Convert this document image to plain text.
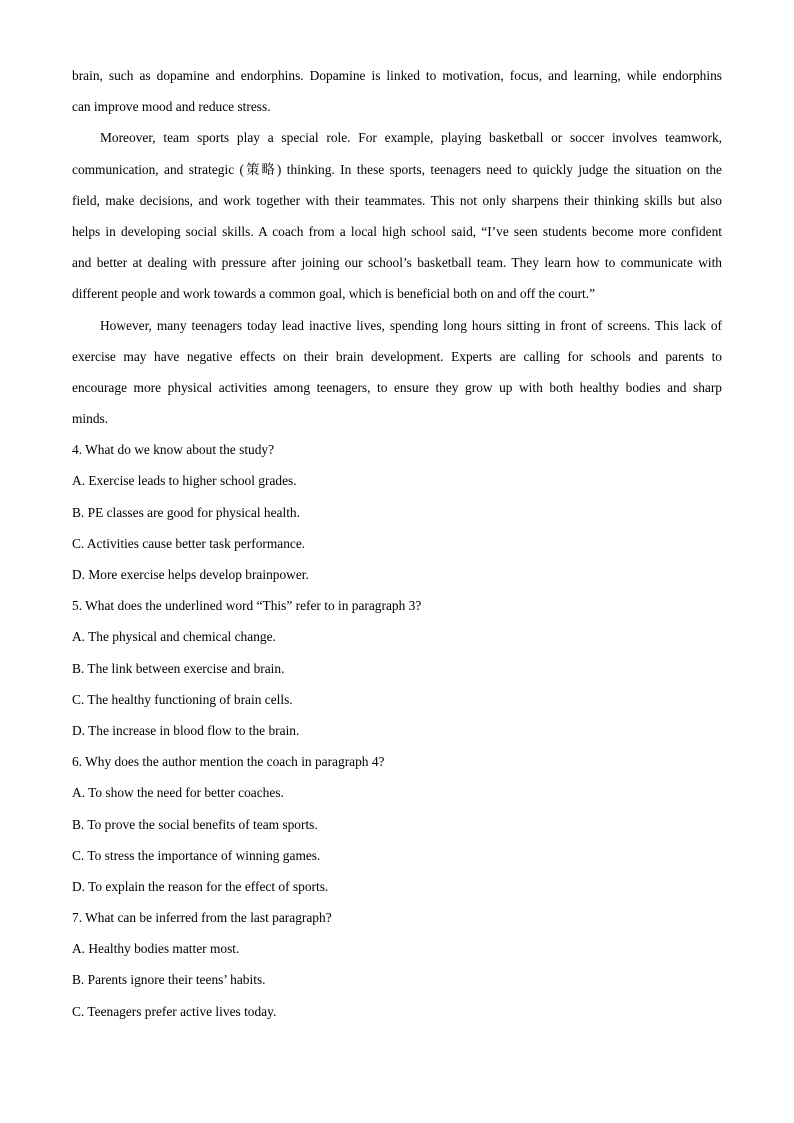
brain, such as dopamine and endorphins. Dopamine is linked to motivation, focus, and learning, while endorphins
can improve mood and reduce stress.
Moreover, team sports play a special role. For example, playing basketball or soccer involves teamwork,
communication, and strategic (策略) thinking. In these sports, teenagers need to quickly judge the situation on the
field, make decisions, and work together with their teammates. This not only sharpens their thinking skills but also
helps in developing social skills. A coach from a local high school said, “I’ve seen students become more confident
and better at dealing with pressure after joining our school’s basketball team. They learn how to communicate with
different people and work towards a common goal, which is beneficial both on and off the court.”
However, many teenagers today lead inactive lives, spending long hours sitting in front of screens. This lack of
exercise may have negative effects on their brain development. Experts are calling for schools and parents to
encourage more physical activities among teenagers, to ensure they grow up with both healthy bodies and sharp
minds.
4. What do we know about the study?
A. Exercise leads to higher school grades.
B. PE classes are good for physical health.
C. Activities cause better task performance.
D. More exercise helps develop brainpower.
5. What does the underlined word “This” refer to in paragraph 3?
A. The physical and chemical change.
B. The link between exercise and brain.
C. The healthy functioning of brain cells.
D. The increase in blood flow to the brain.
6. Why does the author mention the coach in paragraph 4?
A. To show the need for better coaches.
B. To prove the social benefits of team sports.
C. To stress the importance of winning games.
D. To explain the reason for the effect of sports.
7. What can be inferred from the last paragraph?
A. Healthy bodies matter most.
B. Parents ignore their teens’ habits.
C. Teenagers prefer active lives today.
